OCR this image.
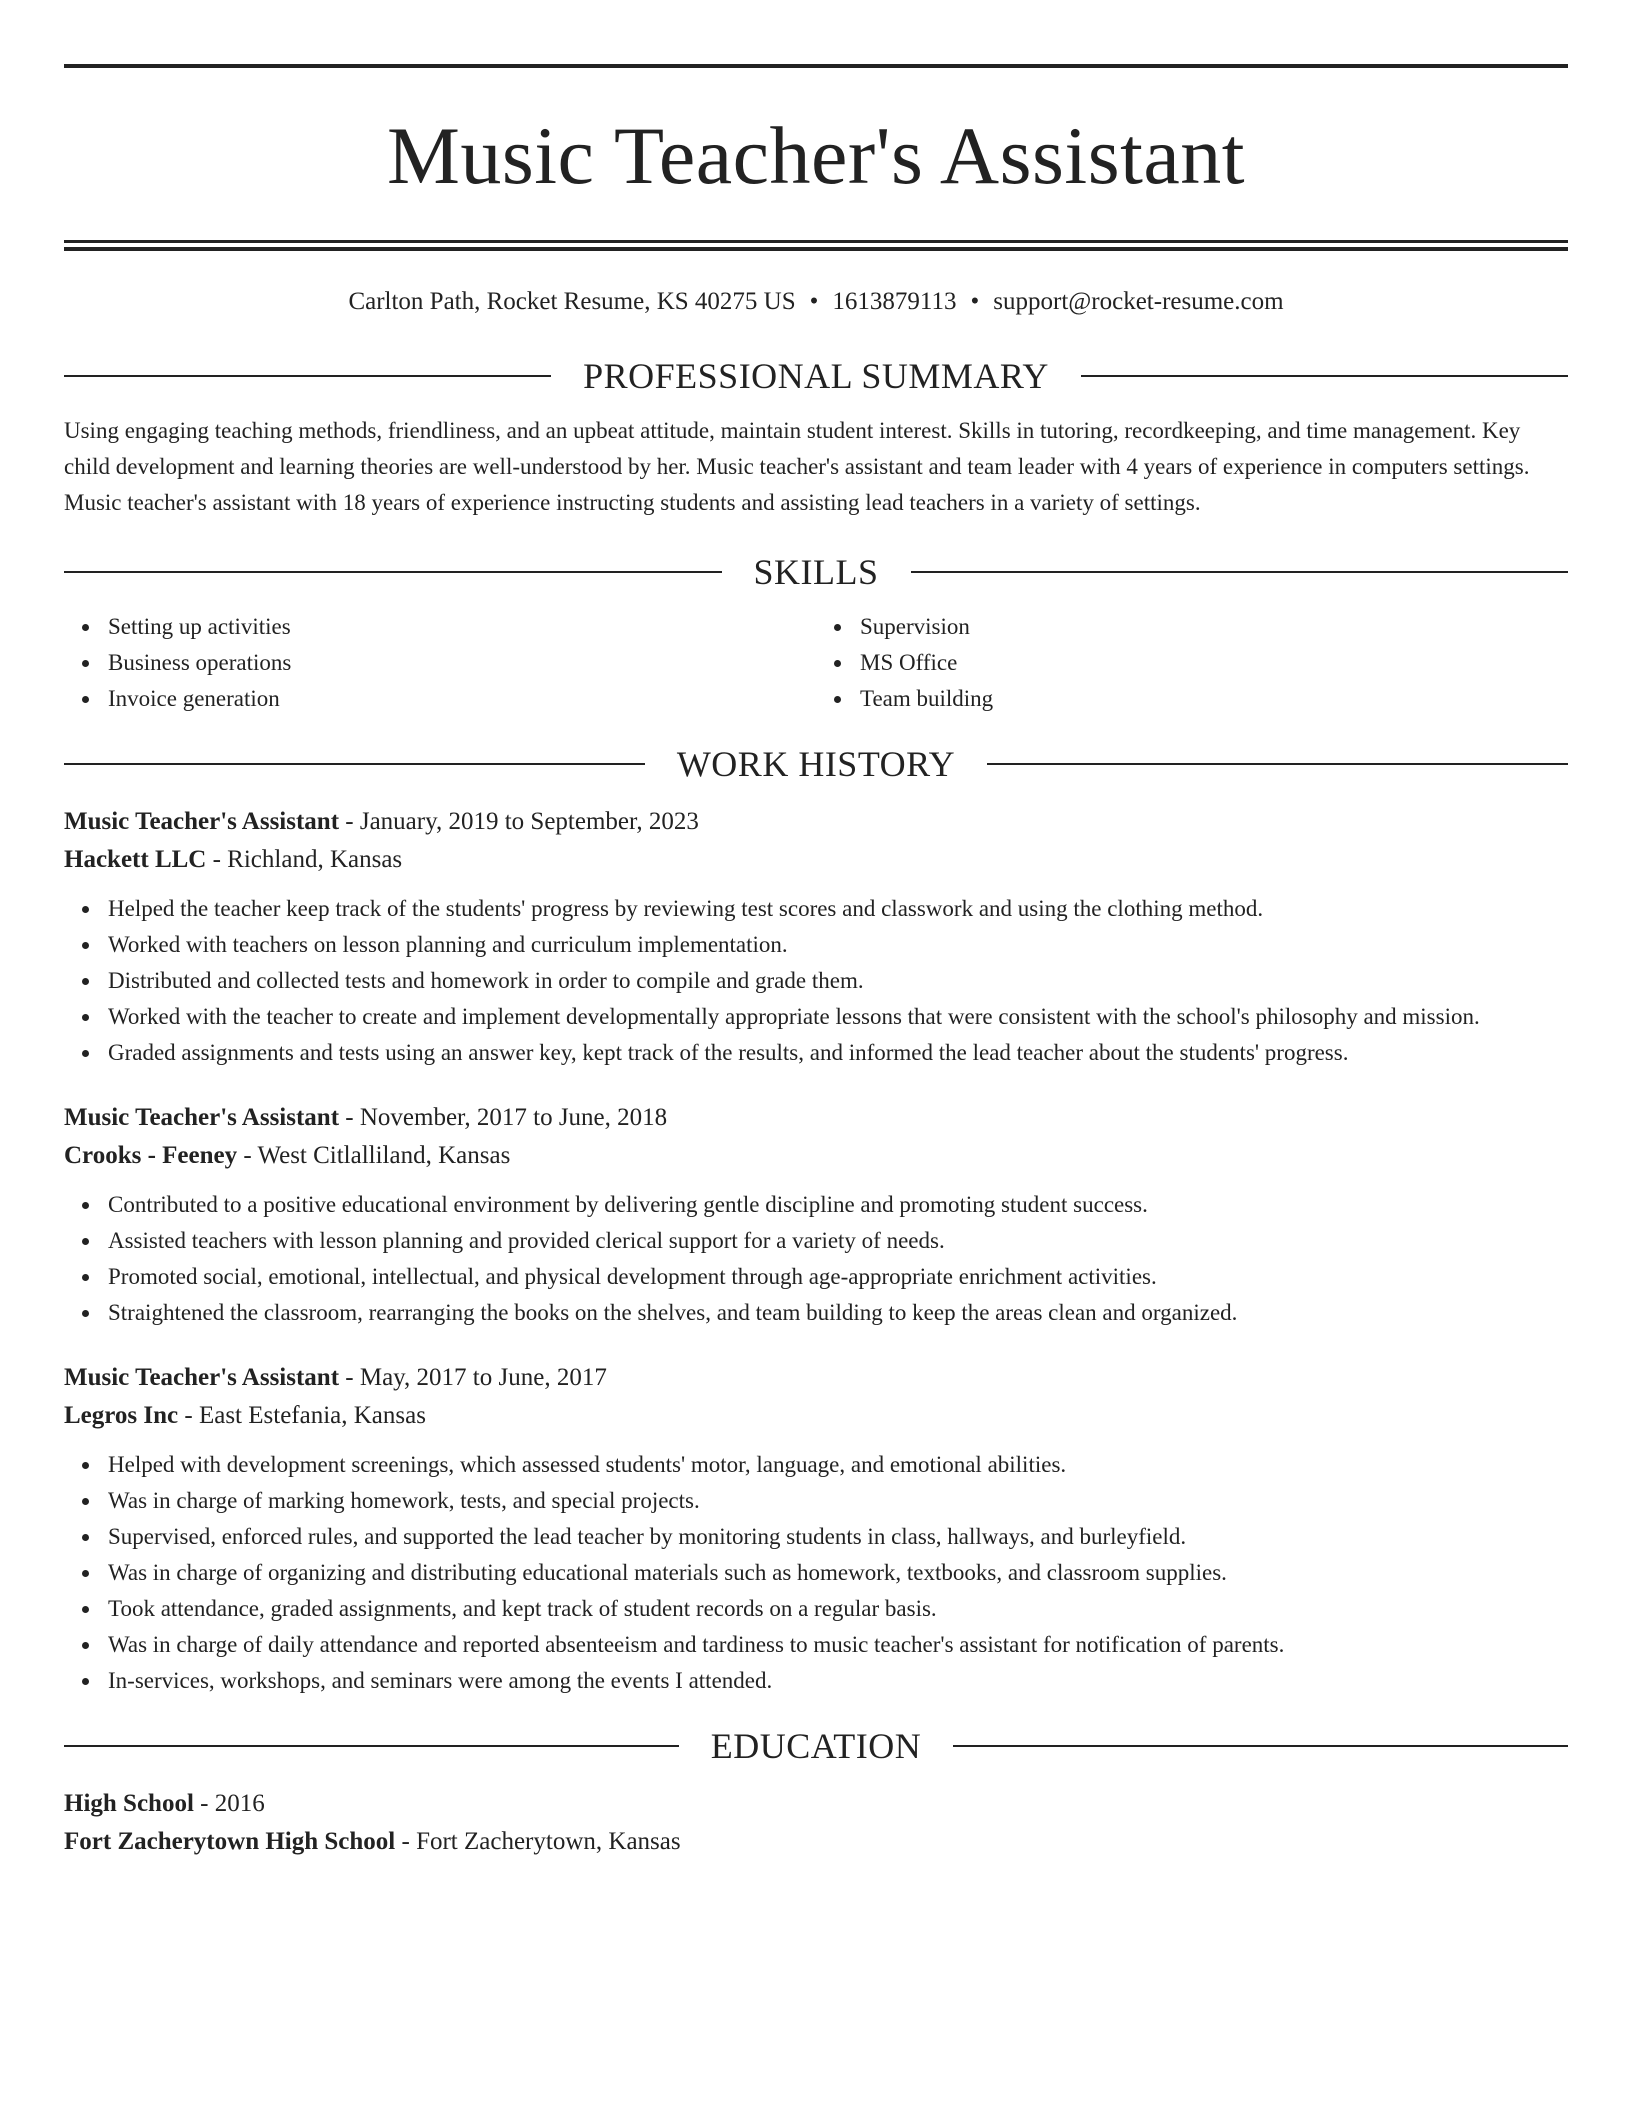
Music Teacher's Assistant
Carlton Path, Rocket Resume, KS 40275 US • 1613879113 • support@rocket-resume.com
PROFESSIONAL SUMMARY

Using engaging teaching methods, friendliness, and an upbeat attitude, maintain student interest. Skills in tutoring, recordkeeping, and time management. Key child development and learning theories are well-understood by her. Music teacher's assistant and team leader with 4 years of experience in computers settings. Music teacher's assistant with 18 years of experience instructing students and assisting lead teachers in a variety of settings.

SKILLS
Setting up activities
Business operations
Invoice generation
Supervision
MS Office
Team building
WORK HISTORY
Music Teacher's Assistant - January, 2019 to September, 2023
Hackett LLC - Richland, Kansas
Helped the teacher keep track of the students' progress by reviewing test scores and classwork and using the clothing method.
Worked with teachers on lesson planning and curriculum implementation.
Distributed and collected tests and homework in order to compile and grade them.
Worked with the teacher to create and implement developmentally appropriate lessons that were consistent with the school's philosophy and mission.
Graded assignments and tests using an answer key, kept track of the results, and informed the lead teacher about the students' progress.
Music Teacher's Assistant - November, 2017 to June, 2018
Crooks - Feeney - West Citlalliland, Kansas
Contributed to a positive educational environment by delivering gentle discipline and promoting student success.
Assisted teachers with lesson planning and provided clerical support for a variety of needs.
Promoted social, emotional, intellectual, and physical development through age-appropriate enrichment activities.
Straightened the classroom, rearranging the books on the shelves, and team building to keep the areas clean and organized.
Music Teacher's Assistant - May, 2017 to June, 2017
Legros Inc - East Estefania, Kansas
Helped with development screenings, which assessed students' motor, language, and emotional abilities.
Was in charge of marking homework, tests, and special projects.
Supervised, enforced rules, and supported the lead teacher by monitoring students in class, hallways, and burleyfield.
Was in charge of organizing and distributing educational materials such as homework, textbooks, and classroom supplies.
Took attendance, graded assignments, and kept track of student records on a regular basis.
Was in charge of daily attendance and reported absenteeism and tardiness to music teacher's assistant for notification of parents.
In-services, workshops, and seminars were among the events I attended.
EDUCATION
High School - 2016
Fort Zacherytown High School - Fort Zacherytown, Kansas
